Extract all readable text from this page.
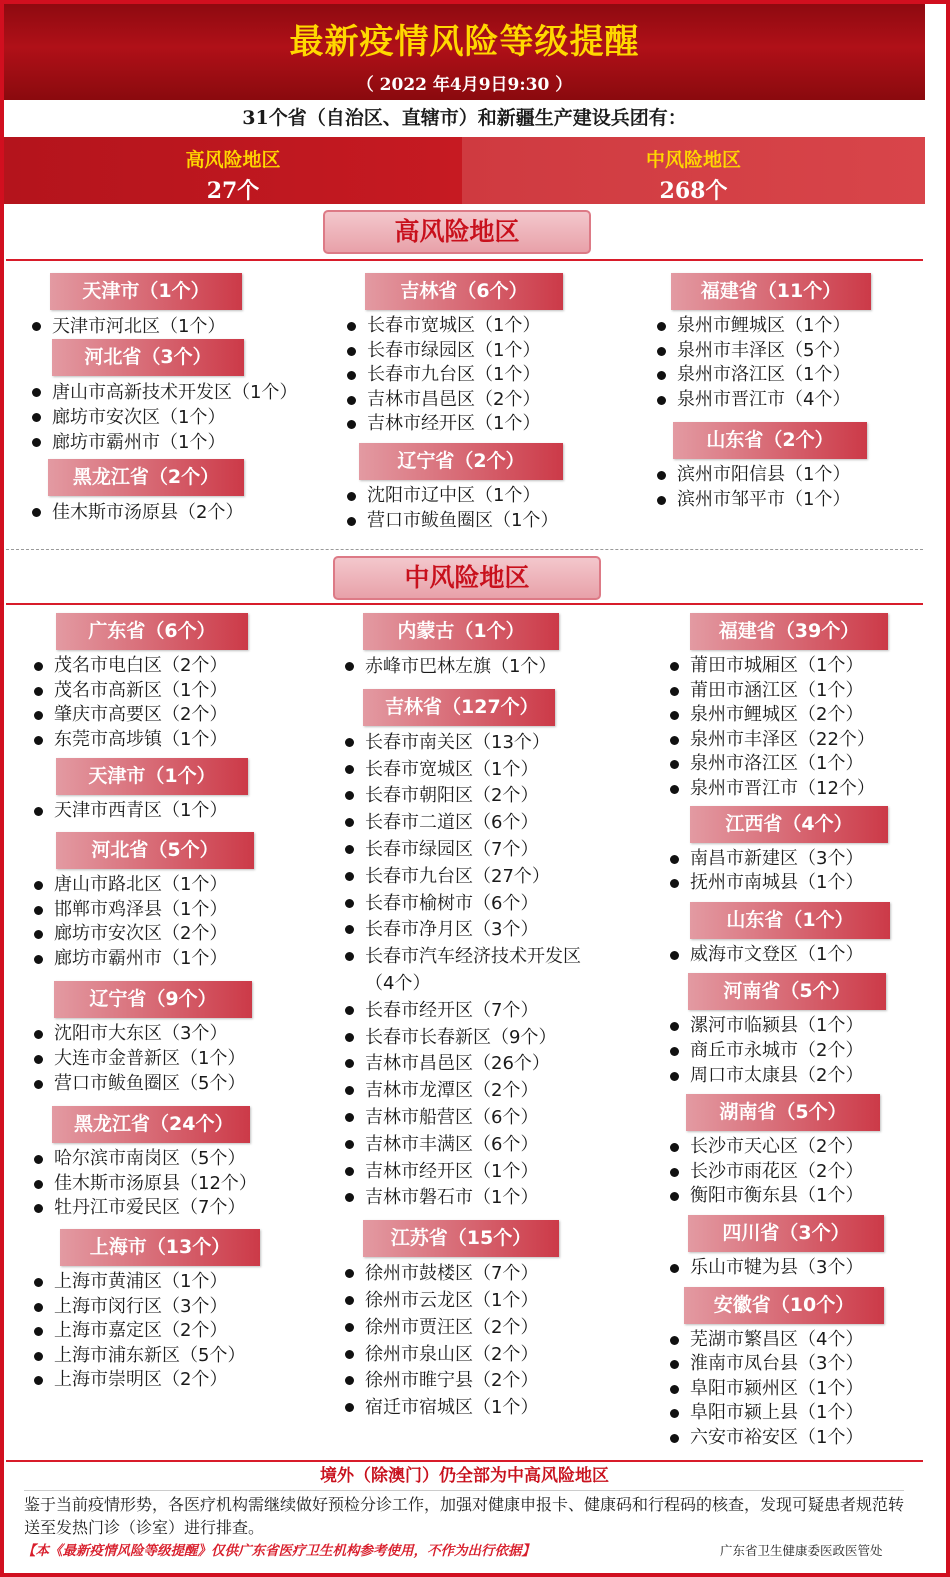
最新疫情风险等级提醒
（ 2022 年4月9日9:30 ）
31个省（自治区、直辖市）和新疆生产建设兵团有：
高风险地区
27个
中风险地区
268个
高风险地区
天津市（1个）
天津市河北区（1个）
河北省（3个）
唐山市高新技术开发区（1个）
廊坊市安次区（1个）
廊坊市霸州市（1个）
黑龙江省（2个）
佳木斯市汤原县（2个）
吉林省（6个）
长春市宽城区（1个）
长春市绿园区（1个）
长春市九台区（1个）
吉林市昌邑区（2个）
吉林市经开区（1个）
辽宁省（2个）
沈阳市辽中区（1个）
营口市鲅鱼圈区（1个）
福建省（11个）
泉州市鲤城区（1个）
泉州市丰泽区（5个）
泉州市洛江区（1个）
泉州市晋江市（4个）
山东省（2个）
滨州市阳信县（1个）
滨州市邹平市（1个）
中风险地区
广东省（6个）
茂名市电白区（2个）
茂名市高新区（1个）
肇庆市高要区（2个）
东莞市高埗镇（1个）
天津市（1个）
天津市西青区（1个）
河北省（5个）
唐山市路北区（1个）
邯郸市鸡泽县（1个）
廊坊市安次区（2个）
廊坊市霸州市（1个）
辽宁省（9个）
沈阳市大东区（3个）
大连市金普新区（1个）
营口市鲅鱼圈区（5个）
黑龙江省（24个）
哈尔滨市南岗区（5个）
佳木斯市汤原县（12个）
牡丹江市爱民区（7个）
上海市（13个）
上海市黄浦区（1个）
上海市闵行区（3个）
上海市嘉定区（2个）
上海市浦东新区（5个）
上海市崇明区（2个）
内蒙古（1个）
赤峰市巴林左旗（1个）
吉林省（127个）
长春市南关区（13个）
长春市宽城区（1个）
长春市朝阳区（2个）
长春市二道区（6个）
长春市绿园区（7个）
长春市九台区（27个）
长春市榆树市（6个）
长春市净月区（3个）
长春市汽车经济技术开发区（4个）
长春市经开区（7个）
长春市长春新区（9个）
吉林市昌邑区（26个）
吉林市龙潭区（2个）
吉林市船营区（6个）
吉林市丰满区（6个）
吉林市经开区（1个）
吉林市磐石市（1个）
江苏省（15个）
徐州市鼓楼区（7个）
徐州市云龙区（1个）
徐州市贾汪区（2个）
徐州市泉山区（2个）
徐州市睢宁县（2个）
宿迁市宿城区（1个）
福建省（39个）
莆田市城厢区（1个）
莆田市涵江区（1个）
泉州市鲤城区（2个）
泉州市丰泽区（22个）
泉州市洛江区（1个）
泉州市晋江市（12个）
江西省（4个）
南昌市新建区（3个）
抚州市南城县（1个）
山东省（1个）
威海市文登区（1个）
河南省（5个）
漯河市临颍县（1个）
商丘市永城市（2个）
周口市太康县（2个）
湖南省（5个）
长沙市天心区（2个）
长沙市雨花区（2个）
衡阳市衡东县（1个）
四川省（3个）
乐山市犍为县（3个）
安徽省（10个）
芜湖市繁昌区（4个）
淮南市凤台县（3个）
阜阳市颍州区（1个）
阜阳市颍上县（1个）
六安市裕安区（1个）
境外（除澳门）仍全部为中高风险地区
鉴于当前疫情形势，各医疗机构需继续做好预检分诊工作，加强对健康申报卡、健康码和行程码的核查，发现可疑患者规范转送至发热门诊（诊室）进行排查。
【本《最新疫情风险等级提醒》仅供广东省医疗卫生机构参考使用，不作为出行依据】	广东省卫生健康委医政医管处
